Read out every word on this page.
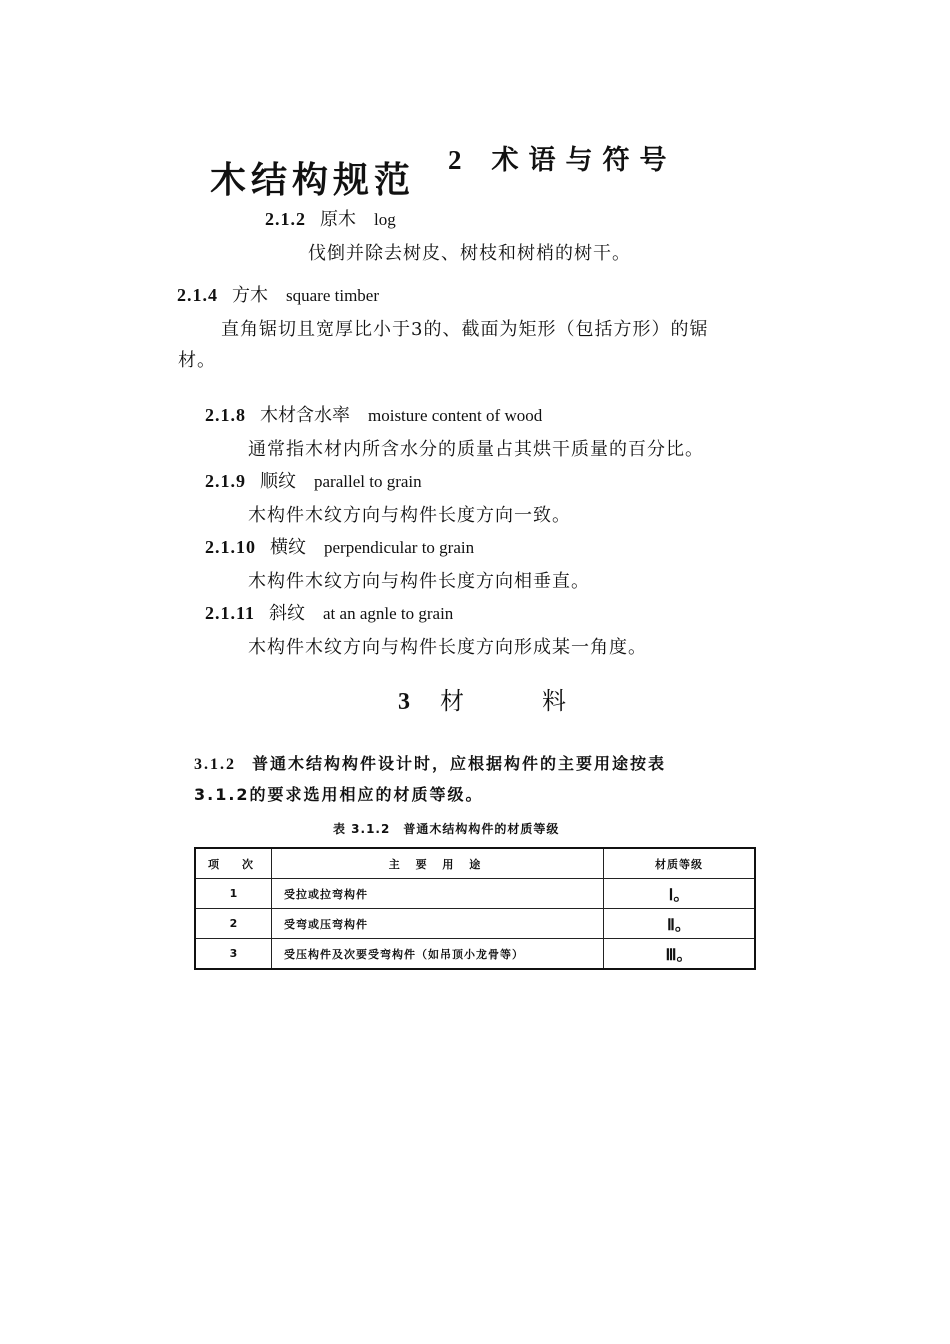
木结构规范 2 术语与符号
2.1.2 原木 log
伐倒并除去树皮、树枝和树梢的树干。
2.1.4 方木 square timber
直角锯切且宽厚比小于3的、截面为矩形（包括方形）的锯
材。
2.1.8 木材含水率 moisture content of wood
通常指木材内所含水分的质量占其烘干质量的百分比。
2.1.9 顺纹 parallel to grain
木构件木纹方向与构件长度方向一致。
2.1.10 横纹 perpendicular to grain
木构件木纹方向与构件长度方向相垂直。
2.1.11 斜纹 at an agnle to grain
木构件木纹方向与构件长度方向形成某一角度。
3 材　　料
3.1.2 普通木结构构件设计时，应根据构件的主要用途按表
3.1.2的要求选用相应的材质等级。
表 3.1.2　普通木结构构件的材质等级
项　次	主 要 用 途	材质等级
1	受拉或拉弯构件	Ⅰ。
2	受弯或压弯构件	Ⅱ。
3	受压构件及次要受弯构件（如吊顶小龙骨等）	Ⅲ。
